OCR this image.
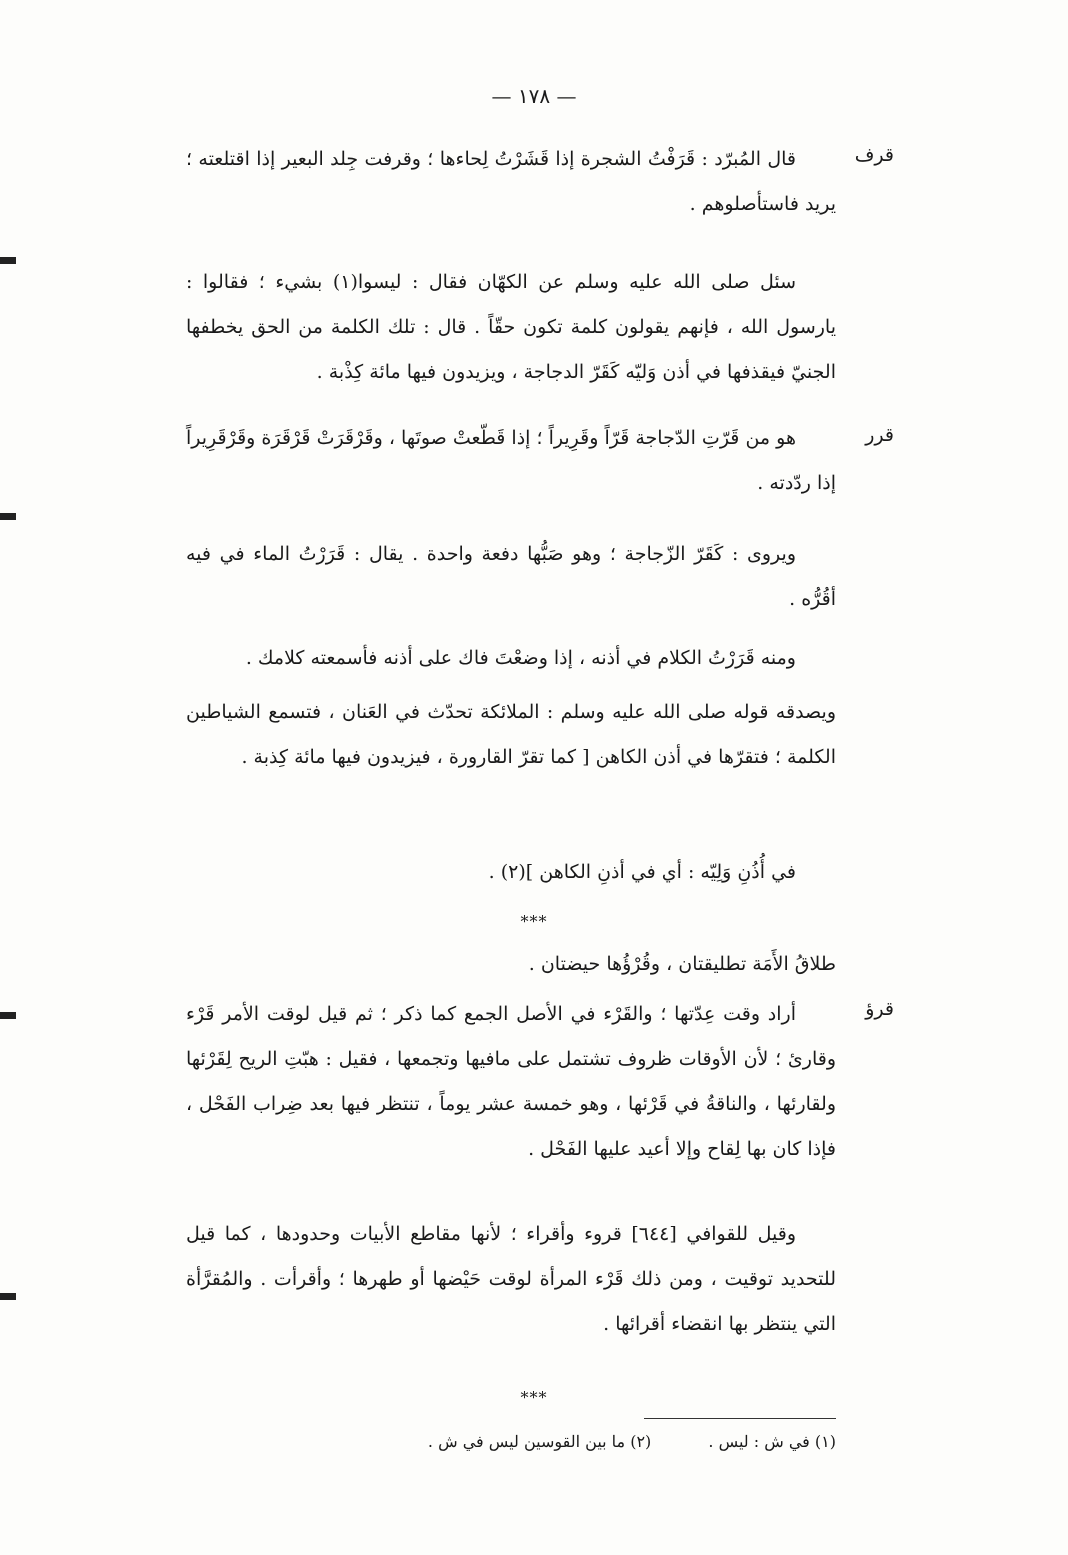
— ١٧٨ —
قرف
قرر
قرؤ
قال المُبرّد : قَرَفْتُ الشجرة إذا قَشَرْتُ لِحاءها ؛ وقرفت جِلد البعير إذا اقتلعته ؛ يريد فاستأصلوهم .
سئل صلى الله عليه وسلم عن الكهّان فقال : ليسوا(١) بشيء ؛ فقالوا : يارسول الله ، فإنهم يقولون كلمة تكون حقّاً . قال : تلك الكلمة من الحق يخطفها الجنيّ فيقذفها في أذن وَليّه كَقَرّ الدجاجة ، ويزيدون فيها مائة كِذْبة .
هو من قَرّتِ الدّجاجة قَرّاً وقَرِيراً ؛ إذا قَطّعتْ صوتَها ، وقَرْقَرَتْ قَرْقَرَة وقَرْقَرِيراً إذا ردّدته .
ويروى : كَقَرّ الزّجاجة ؛ وهو صَبُّها دفعة واحدة . يقال : قَرَرْتُ الماء في فيه أقُرُّه .
ومنه قَرَرْتُ الكلام في أذنه ، إذا وضعْتَ فاك على أذنه فأسمعته كلامك .
ويصدقه قوله صلى الله عليه وسلم : الملائكة تحدّث في العَنان ، فتسمع الشياطين الكلمة ؛ فتقرّها في أذن الكاهن [ كما تقرّ القارورة ، فيزيدون فيها مائة كِذبة .
في أُذُنِ وَلِيّه : أي في أذنِ الكاهن ](٢) .
***
طلاقُ الأَمَة تطليقتان ، وقُرْؤُها حيضتان .
أراد وقت عِدّتها ؛ والقَرْء في الأصل الجمع كما ذكر ؛ ثم قيل لوقت الأمر قَرْء وقارئ ؛ لأن الأوقات ظروف تشتمل على مافيها وتجمعها ، فقيل : هبّتِ الريح لِقَرْئها ولقارئها ، والناقةُ في قَرْئها ، وهو خمسة عشر يوماً ، تنتظر فيها بعد ضِراب الفَحْل ، فإذا كان بها لِقاح وإلا أعيد عليها الفَحْل .
وقيل للقوافي [٦٤٤] قروء وأقراء ؛ لأنها مقاطع الأبيات وحدودها ، كما قيل للتحديد توقيت ، ومن ذلك قَرْء المرأة لوقت حَيْضها أو طهرها ؛ وأقرأت . والمُقرَّأة التي ينتظر بها انقضاء أقرائها .
***
(١) في ش : ليس . (٢) ما بين القوسين ليس في ش .
